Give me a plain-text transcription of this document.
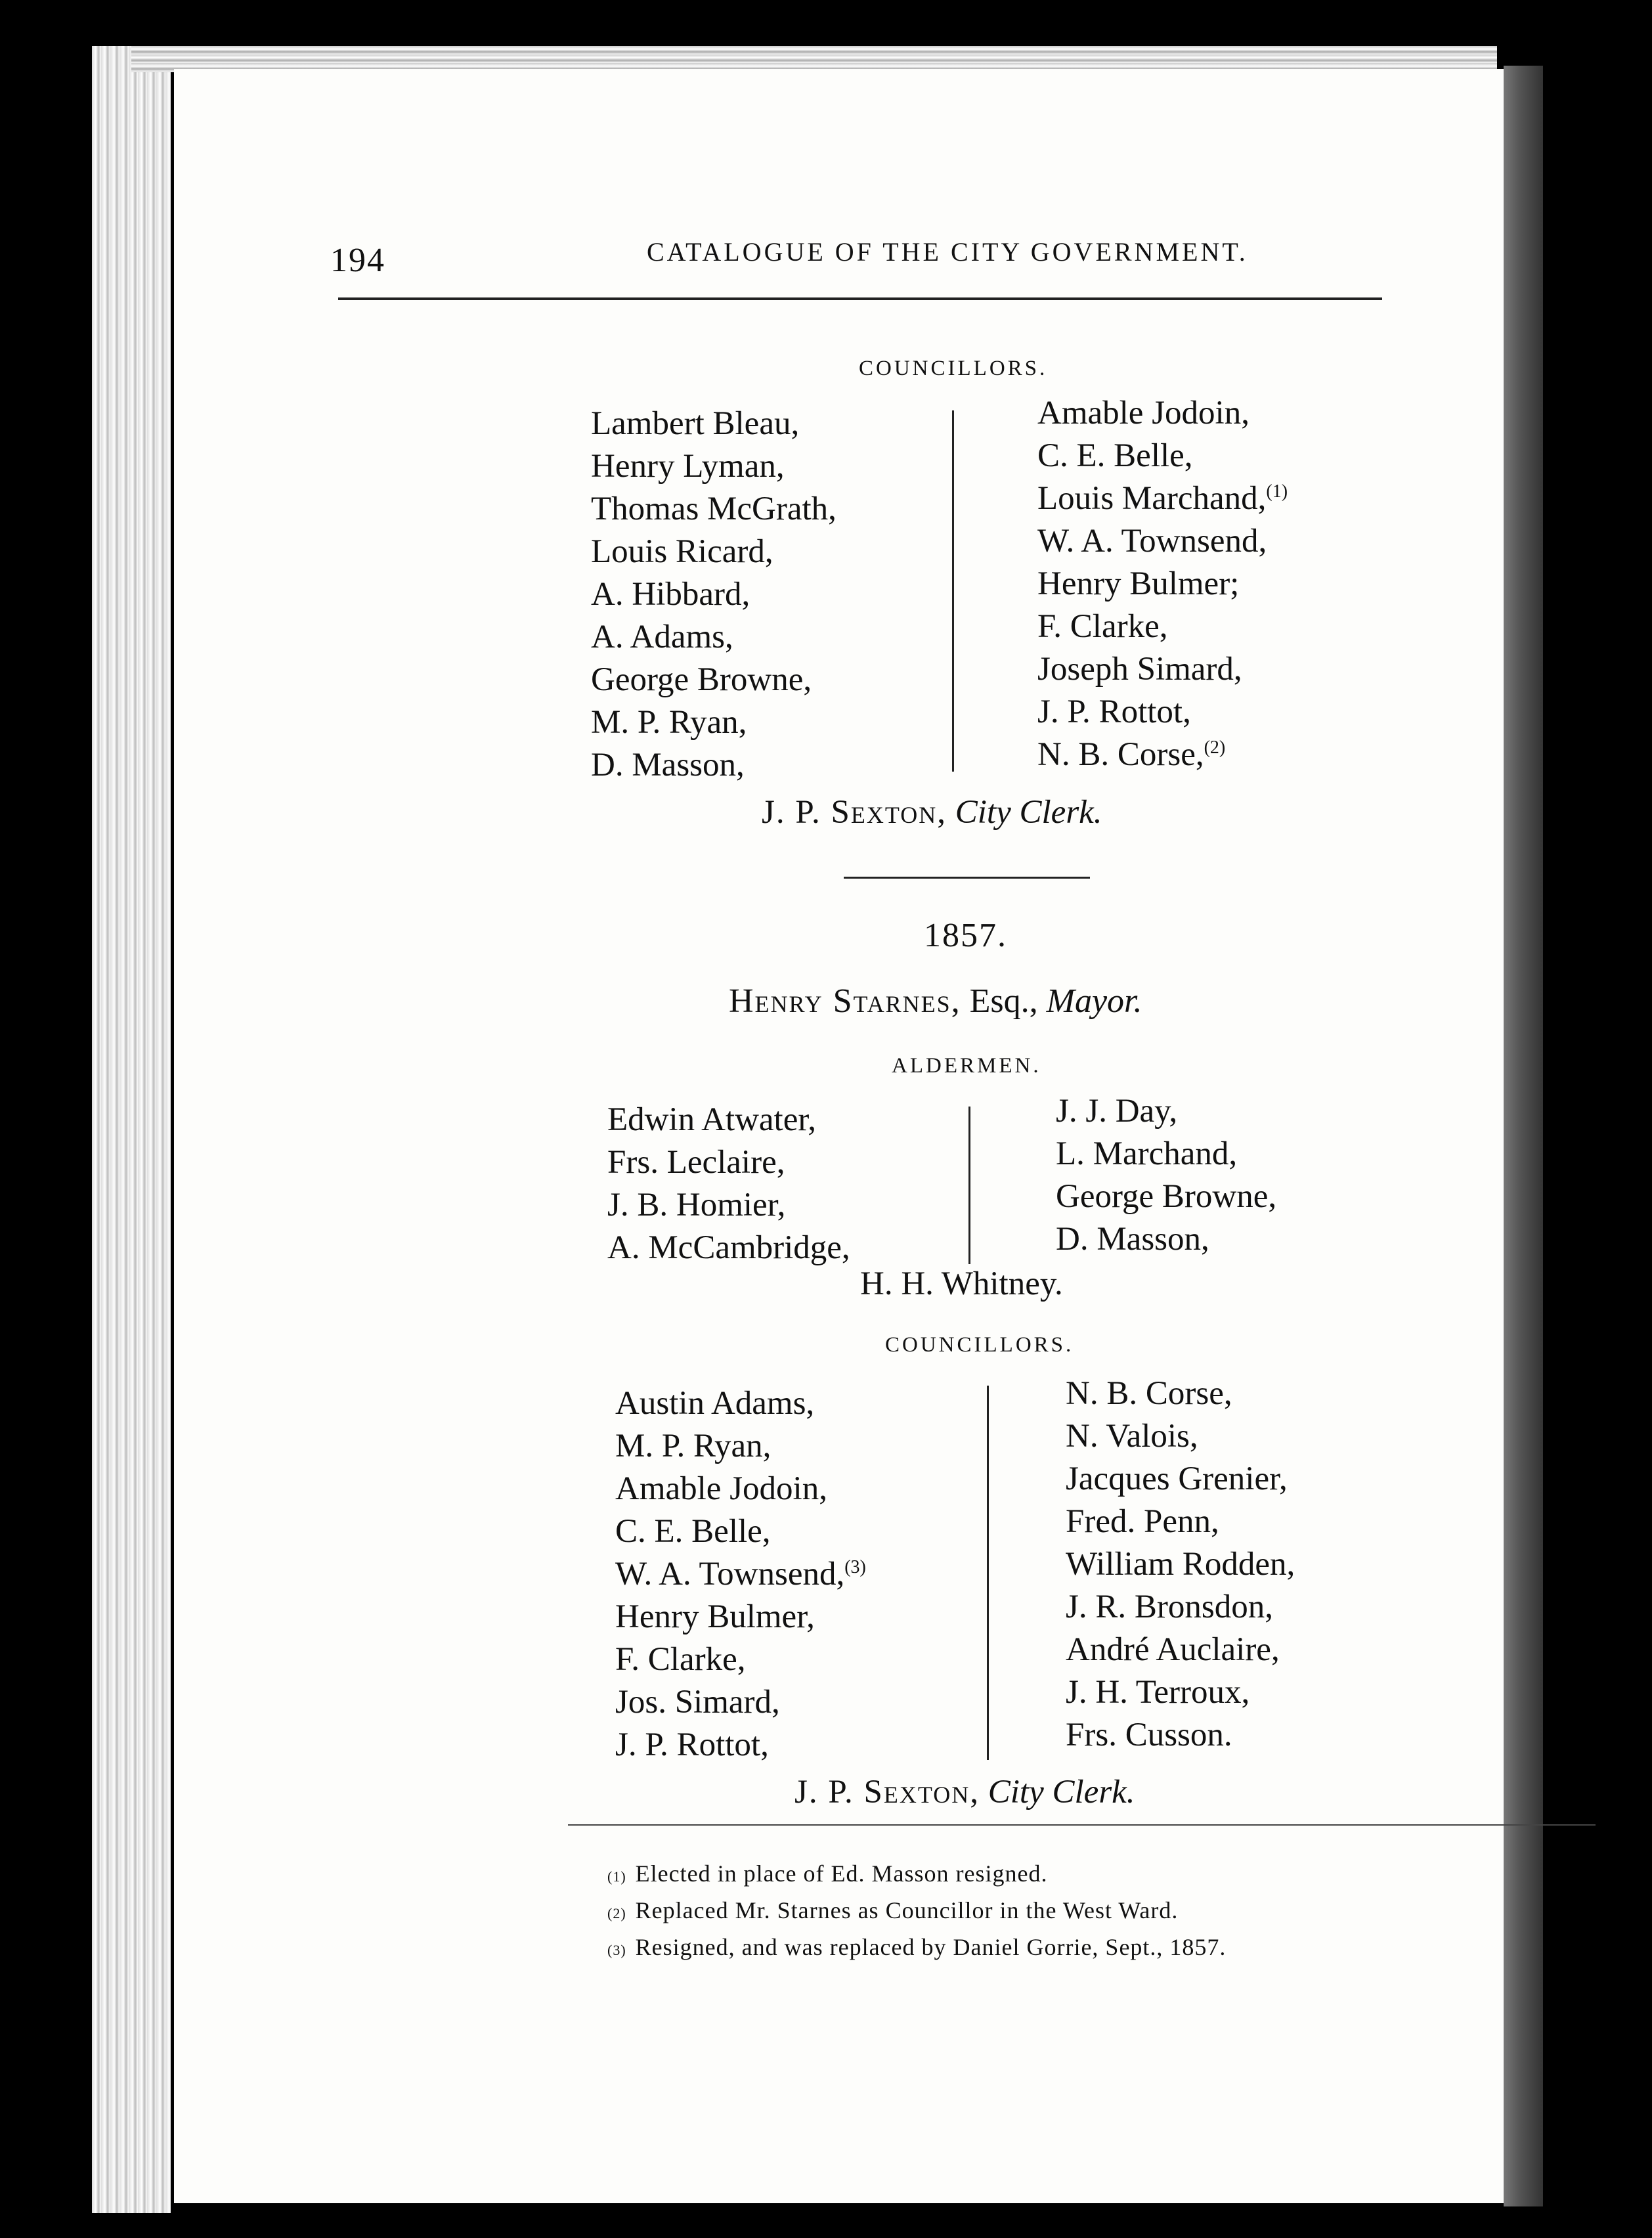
194	CATALOGUE OF THE CITY GOVERNMENT.
COUNCILLORS.
Lambert Bleau,
Henry Lyman,
Thomas McGrath,
Louis Ricard,
A. Hibbard,
A. Adams,
George Browne,
M. P. Ryan,
D. Masson,
Amable Jodoin,
C. E. Belle,
Louis Marchand,$^{(1)}$
W. A. Townsend,
Henry Bulmer;
F. Clarke,
Joseph Simard,
J. P. Rottot,
N. B. Corse,$^{(2)}$
J. P. Sexton, City Clerk.
1857.
Henry Starnes, Esq., Mayor.
ALDERMEN.
Edwin Atwater,
Frs. Leclaire,
J. B. Homier,
A. McCambridge,
J. J. Day,
L. Marchand,
George Browne,
D. Masson,
H. H. Whitney.
COUNCILLORS.
Austin Adams,
M. P. Ryan,
Amable Jodoin,
C. E. Belle,
W. A. Townsend,$^{(3)}$
Henry Bulmer,
F. Clarke,
Jos. Simard,
J. P. Rottot,
N. B. Corse,
N. Valois,
Jacques Grenier,
Fred. Penn,
William Rodden,
J. R. Bronsdon,
André Auclaire,
J. H. Terroux,
Frs. Cusson.
J. P. Sexton, City Clerk.
(1) Elected in place of Ed. Masson resigned.
(2) Replaced Mr. Starnes as Councillor in the West Ward.
(3) Resigned, and was replaced by Daniel Gorrie, Sept., 1857.
